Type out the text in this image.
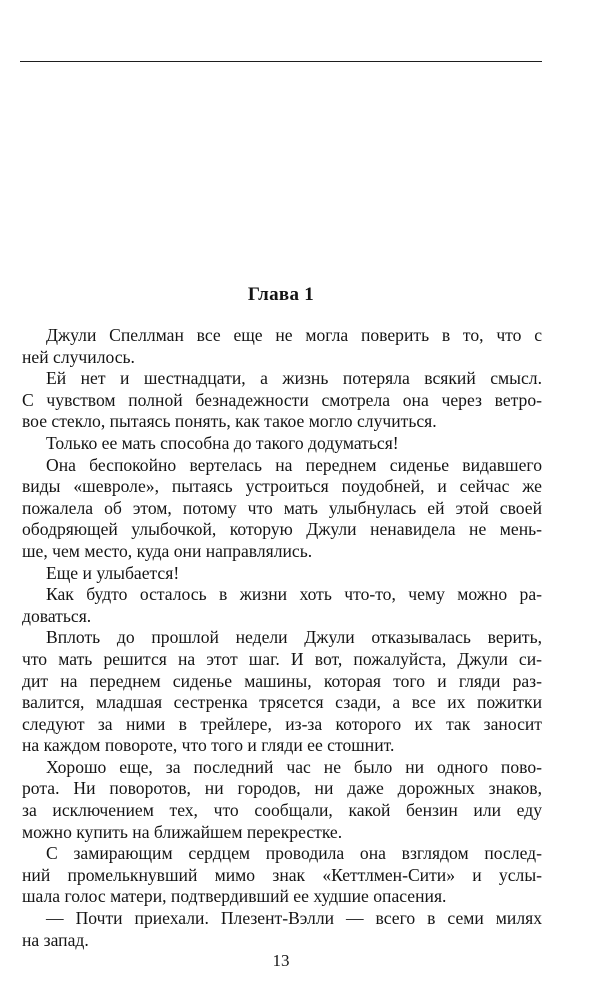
Глава 1
Джули Спеллман все еще не могла поверить в то, что с
ней случилось.
Ей нет и шестнадцати, а жизнь потеряла всякий смысл.
С чувством полной безнадежности смотрела она через ветро-
вое стекло, пытаясь понять, как такое могло случиться.
Только ее мать способна до такого додуматься!
Она беспокойно вертелась на переднем сиденье видавшего
виды «шевроле», пытаясь устроиться поудобней, и сейчас же
пожалела об этом, потому что мать улыбнулась ей этой своей
ободряющей улыбочкой, которую Джули ненавидела не мень-
ше, чем место, куда они направлялись.
Еще и улыбается!
Как будто осталось в жизни хоть что-то, чему можно ра-
доваться.
Вплоть до прошлой недели Джули отказывалась верить,
что мать решится на этот шаг. И вот, пожалуйста, Джули си-
дит на переднем сиденье машины, которая того и гляди раз-
валится, младшая сестренка трясется сзади, а все их пожитки
следуют за ними в трейлере, из-за которого их так заносит
на каждом повороте, что того и гляди ее стошнит.
Хорошо еще, за последний час не было ни одного пово-
рота. Ни поворотов, ни городов, ни даже дорожных знаков,
за исключением тех, что сообщали, какой бензин или еду
можно купить на ближайшем перекрестке.
С замирающим сердцем проводила она взглядом послед-
ний промелькнувший мимо знак «Кеттлмен-Сити» и услы-
шала голос матери, подтвердивший ее худшие опасения.
— Почти приехали. Плезент-Вэлли — всего в семи милях
на запад.
13
